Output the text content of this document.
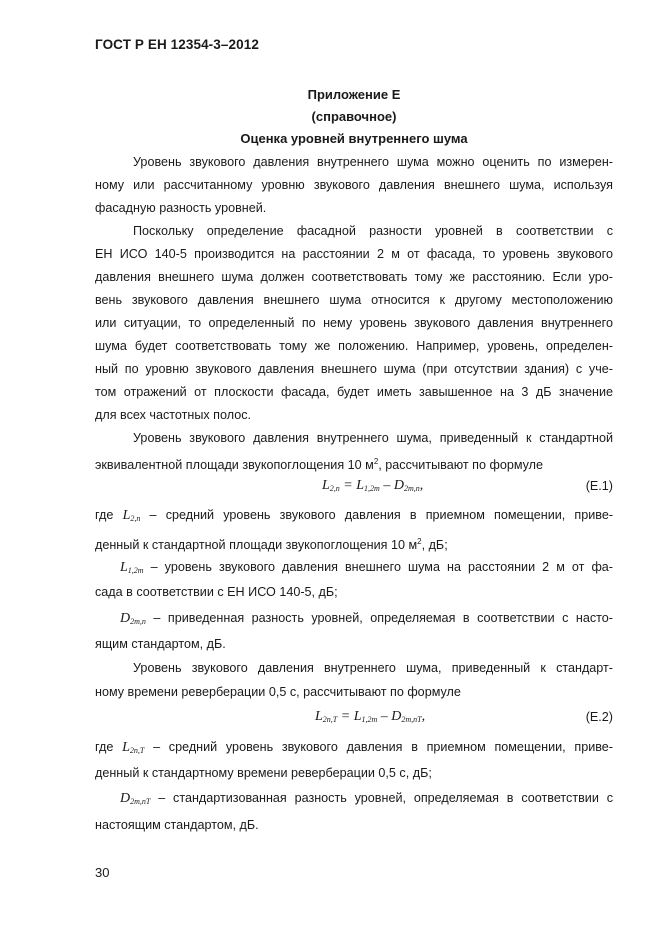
ГОСТ Р ЕН 12354-3–2012
Приложение Е
(справочное)
Оценка уровней внутреннего шума
Уровень звукового давления внутреннего шума можно оценить по измерен-
ному или рассчитанному уровню звукового давления внешнего шума, используя
фасадную разность уровней.
Поскольку определение фасадной разности уровней в соответствии с
ЕН ИСО 140-5 производится на расстоянии 2 м от фасада, то уровень звукового
давления внешнего шума должен соответствовать тому же расстоянию. Если уро-
вень звукового давления внешнего шума относится к другому местоположению
или ситуации, то определенный по нему уровень звукового давления внутреннего
шума будет соответствовать тому же положению. Например, уровень, определен-
ный по уровню звукового давления внешнего шума (при отсутствии здания) с уче-
том отражений от плоскости фасада, будет иметь завышенное на 3 дБ значение
для всех частотных полос.
Уровень звукового давления внутреннего шума, приведенный к стандартной
эквивалентной площади звукопоглощения 10 $м^2$, рассчитывают по формуле
$L_{2,n} = L_{1,2m} - D_{2m,n}$,	(Е.1)
где $L_{2,n}$ – средний уровень звукового давления в приемном помещении, приве-
денный к стандартной площади звукопоглощения 10 $м^2$, дБ;
$L_{1,2m}$ – уровень звукового давления внешнего шума на расстоянии 2 м от фа-
сада в соответствии с ЕН ИСО 140-5, дБ;
$D_{2m,n}$ – приведенная разность уровней, определяемая в соответствии с насто-
ящим стандартом, дБ.
Уровень звукового давления внутреннего шума, приведенный к стандарт-
ному времени реверберации 0,5 с, рассчитывают по формуле
$L_{2n,T} = L_{1,2m} - D_{2m,nT}$,	(Е.2)
где $L_{2n,T}$ – средний уровень звукового давления в приемном помещении, приве-
денный к стандартному времени реверберации 0,5 с, дБ;
$D_{2m,nT}$ – стандартизованная разность уровней, определяемая в соответствии с
настоящим стандартом, дБ.
30
